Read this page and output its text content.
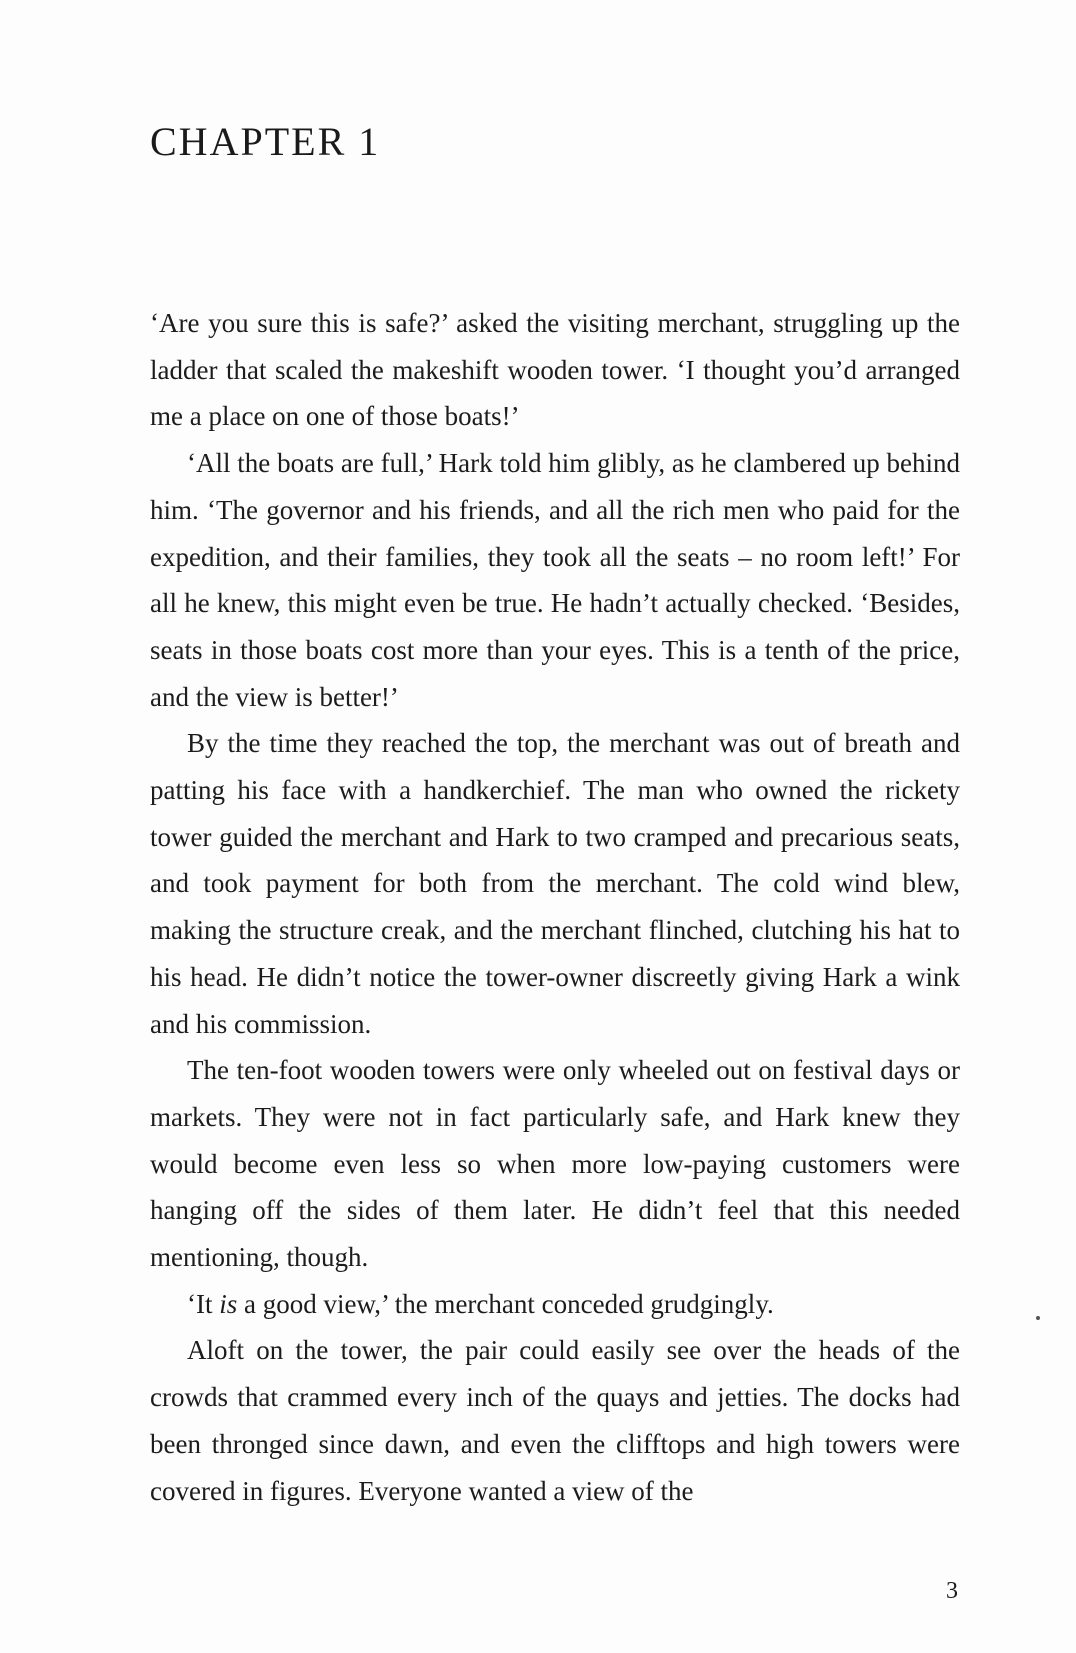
CHAPTER 1

‘Are you sure this is safe?’ asked the visiting merchant, struggling up the ladder that scaled the makeshift wooden tower. ‘I thought you’d arranged me a place on one of those boats!’

‘All the boats are full,’ Hark told him glibly, as he clambered up behind him. ‘The governor and his friends, and all the rich men who paid for the expedition, and their families, they took all the seats – no room left!’ For all he knew, this might even be true. He hadn’t actually checked. ‘Besides, seats in those boats cost more than your eyes. This is a tenth of the price, and the view is better!’

By the time they reached the top, the merchant was out of breath and patting his face with a handkerchief. The man who owned the rickety tower guided the merchant and Hark to two cramped and precarious seats, and took payment for both from the merchant. The cold wind blew, making the structure creak, and the merchant flinched, clutching his hat to his head. He didn’t notice the tower-owner discreetly giving Hark a wink and his commission.

The ten-foot wooden towers were only wheeled out on festival days or markets. They were not in fact particularly safe, and Hark knew they would become even less so when more low-paying customers were hanging off the sides of them later. He didn’t feel that this needed mentioning, though.

‘It is a good view,’ the merchant conceded grudgingly.

Aloft on the tower, the pair could easily see over the heads of the crowds that crammed every inch of the quays and jetties. The docks had been thronged since dawn, and even the clifftops and high towers were covered in figures. Everyone wanted a view of the

3
